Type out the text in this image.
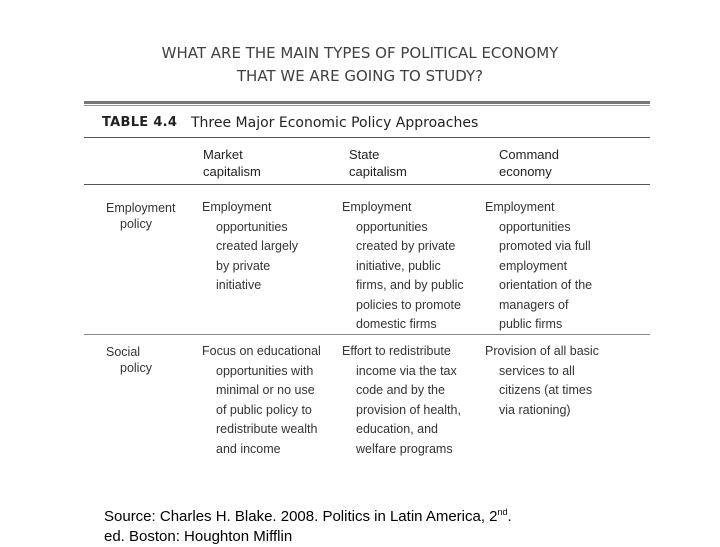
WHAT ARE THE MAIN TYPES OF POLITICAL ECONOMY
THAT WE ARE GOING TO STUDY?
TABLE 4.4 Three Major Economic Policy Approaches
Market
capitalism
State
capitalism
Command
economy
Employment
policy
Employment
opportunities
created largely
by private
initiative
Employment
opportunities
created by private
initiative, public
firms, and by public
policies to promote
domestic firms
Employment
opportunities
promoted via full
employment
orientation of the
managers of
public firms
Social
policy
Focus on educational
opportunities with
minimal or no use
of public policy to
redistribute wealth
and income
Effort to redistribute
income via the tax
code and by the
provision of health,
education, and
welfare programs
Provision of all basic
services to all
citizens (at times
via rationing)
Source: Charles H. Blake. 2008. Politics in Latin America, 2nd.
ed. Boston: Houghton Mifflin
